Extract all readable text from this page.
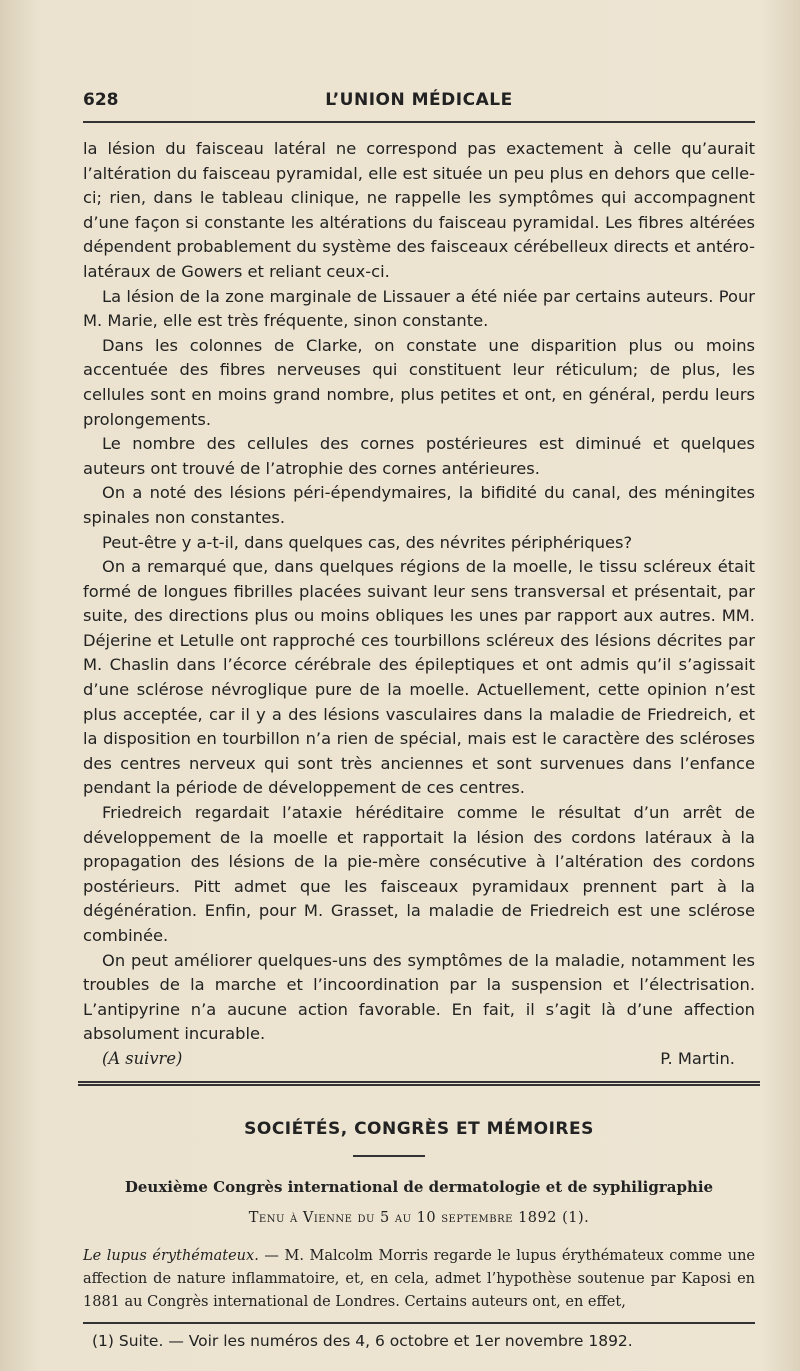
628	L’UNION MÉDICALE

la lésion du faisceau latéral ne correspond pas exactement à celle qu’aurait l’altération du faisceau pyramidal, elle est située un peu plus en dehors que celle-ci; rien, dans le tableau clinique, ne rappelle les symptômes qui accompagnent d’une façon si constante les altérations du faisceau pyramidal. Les fibres altérées dépendent probablement du système des faisceaux cérébelleux directs et antéro-latéraux de Gowers et reliant ceux-ci.

La lésion de la zone marginale de Lissauer a été niée par certains auteurs. Pour M. Marie, elle est très fréquente, sinon constante.

Dans les colonnes de Clarke, on constate une disparition plus ou moins accentuée des fibres nerveuses qui constituent leur réticulum; de plus, les cellules sont en moins grand nombre, plus petites et ont, en général, perdu leurs prolongements.

Le nombre des cellules des cornes postérieures est diminué et quelques auteurs ont trouvé de l’atrophie des cornes antérieures.

On a noté des lésions péri-épendymaires, la bifidité du canal, des méningites spinales non constantes.

Peut-être y a-t-il, dans quelques cas, des névrites périphériques?

On a remarqué que, dans quelques régions de la moelle, le tissu scléreux était formé de longues fibrilles placées suivant leur sens transversal et présentait, par suite, des directions plus ou moins obliques les unes par rapport aux autres. MM. Déjerine et Letulle ont rapproché ces tourbillons scléreux des lésions décrites par M. Chaslin dans l’écorce cérébrale des épileptiques et ont admis qu’il s’agissait d’une sclérose névroglique pure de la moelle. Actuellement, cette opinion n’est plus acceptée, car il y a des lésions vasculaires dans la maladie de Friedreich, et la disposition en tourbillon n’a rien de spécial, mais est le caractère des scléroses des centres nerveux qui sont très anciennes et sont survenues dans l’enfance pendant la période de développement de ces centres.

Friedreich regardait l’ataxie héréditaire comme le résultat d’un arrêt de développement de la moelle et rapportait la lésion des cordons latéraux à la propagation des lésions de la pie-mère consécutive à l’altération des cordons postérieurs. Pitt admet que les faisceaux pyramidaux prennent part à la dégénération. Enfin, pour M. Grasset, la maladie de Friedreich est une sclérose combinée.

On peut améliorer quelques-uns des symptômes de la maladie, notamment les troubles de la marche et l’incoordination par la suspension et l’électrisation. L’antipyrine n’a aucune action favorable. En fait, il s’agit là d’une affection absolument incurable.

(A suivre)	P. Martin.
SOCIÉTÉS, CONGRÈS ET MÉMOIRES
Deuxième Congrès international de dermatologie et de syphiligraphie
Tenu à Vienne du 5 au 10 septembre 1892 (1).

Le lupus érythémateux. — M. Malcolm Morris regarde le lupus érythémateux comme une affection de nature inflammatoire, et, en cela, admet l’hypothèse soutenue par Kaposi en 1881 au Congrès international de Londres. Certains auteurs ont, en effet,

(1) Suite. — Voir les numéros des 4, 6 octobre et 1er novembre 1892.
